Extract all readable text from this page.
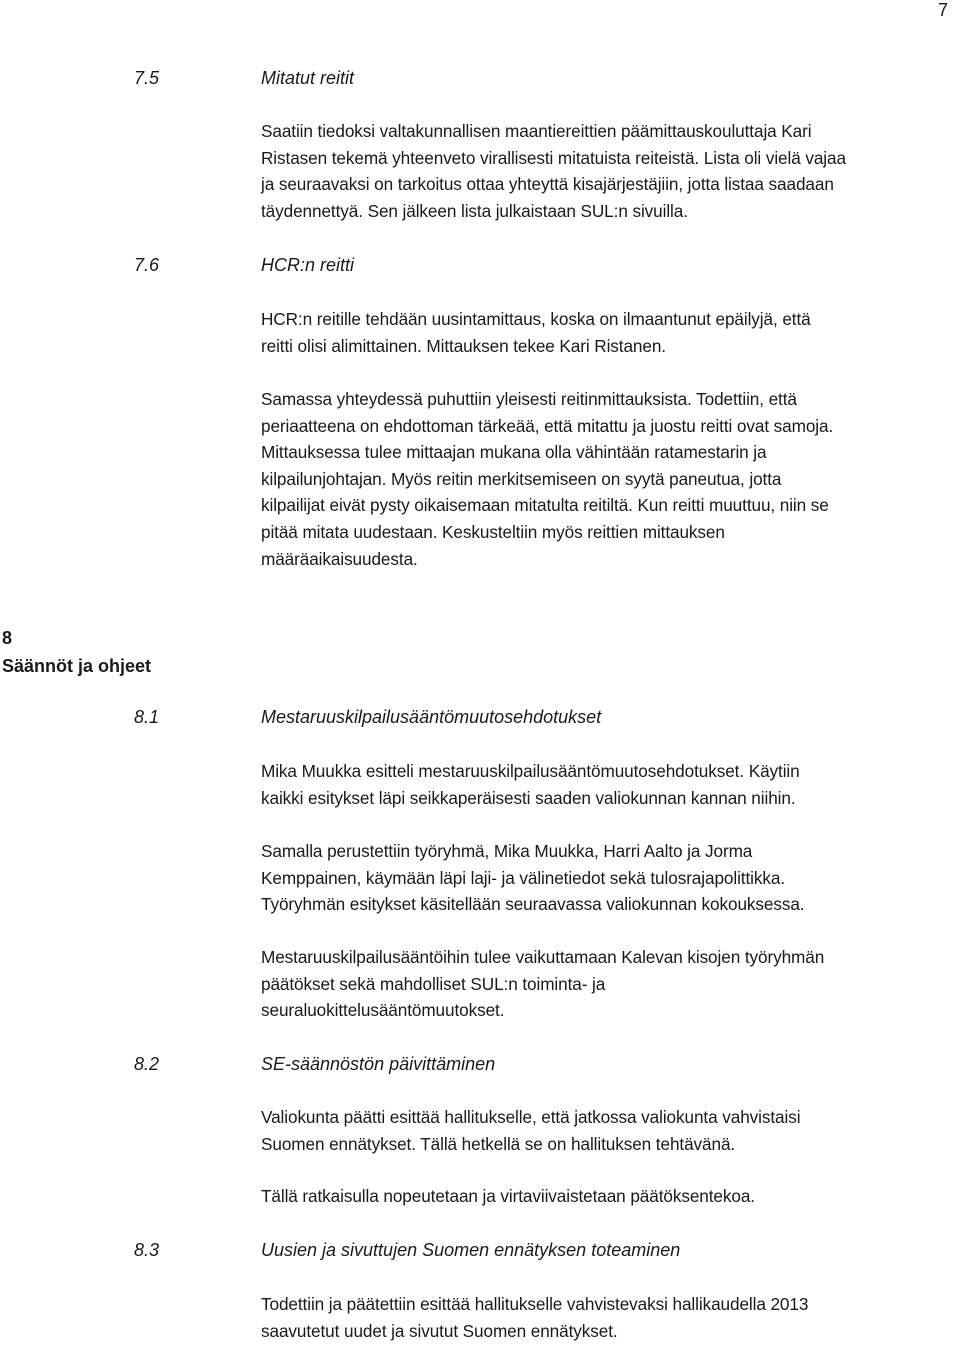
7
7.5	Mitatut reitit
Saatiin tiedoksi valtakunnallisen maantiereittien päämittauskouluttaja Kari
Ristasen tekemä yhteenveto virallisesti mitatuista reiteistä. Lista oli vielä vajaa
ja seuraavaksi on tarkoitus ottaa yhteyttä kisajärjestäjiin, jotta listaa saadaan
täydennettyä. Sen jälkeen lista julkaistaan SUL:n sivuilla.
7.6	HCR:n reitti
HCR:n reitille tehdään uusintamittaus, koska on ilmaantunut epäilyjä, että
reitti olisi alimittainen. Mittauksen tekee Kari Ristanen.
Samassa yhteydessä puhuttiin yleisesti reitinmittauksista. Todettiin, että
periaatteena on ehdottoman tärkeää, että mitattu ja juostu reitti ovat samoja.
Mittauksessa tulee mittaajan mukana olla vähintään ratamestarin ja
kilpailunjohtajan. Myös reitin merkitsemiseen on syytä paneutua, jotta
kilpailijat eivät pysty oikaisemaan mitatulta reitiltä. Kun reitti muuttuu, niin se
pitää mitata uudestaan. Keskusteltiin myös reittien mittauksen
määräaikaisuudesta.
8
Säännöt ja ohjeet
8.1	Mestaruuskilpailusääntömuutosehdotukset
Mika Muukka esitteli mestaruuskilpailusääntömuutosehdotukset. Käytiin
kaikki esitykset läpi seikkaperäisesti saaden valiokunnan kannan niihin.
Samalla perustettiin työryhmä, Mika Muukka, Harri Aalto ja Jorma
Kemppainen, käymään läpi laji- ja välinetiedot sekä tulosrajapolittikka.
Työryhmän esitykset käsitellään seuraavassa valiokunnan kokouksessa.
Mestaruuskilpailusääntöihin tulee vaikuttamaan Kalevan kisojen työryhmän
päätökset sekä mahdolliset SUL:n toiminta- ja
seuraluokittelusääntömuutokset.
8.2	SE-säännöstön päivittäminen
Valiokunta päätti esittää hallitukselle, että jatkossa valiokunta vahvistaisi
Suomen ennätykset. Tällä hetkellä se on hallituksen tehtävänä.
Tällä ratkaisulla nopeutetaan ja virtaviivaistetaan päätöksentekoa.
8.3	Uusien ja sivuttujen Suomen ennätyksen toteaminen
Todettiin ja päätettiin esittää hallitukselle vahvistevaksi hallikaudella 2013
saavutetut uudet ja sivutut Suomen ennätykset.
